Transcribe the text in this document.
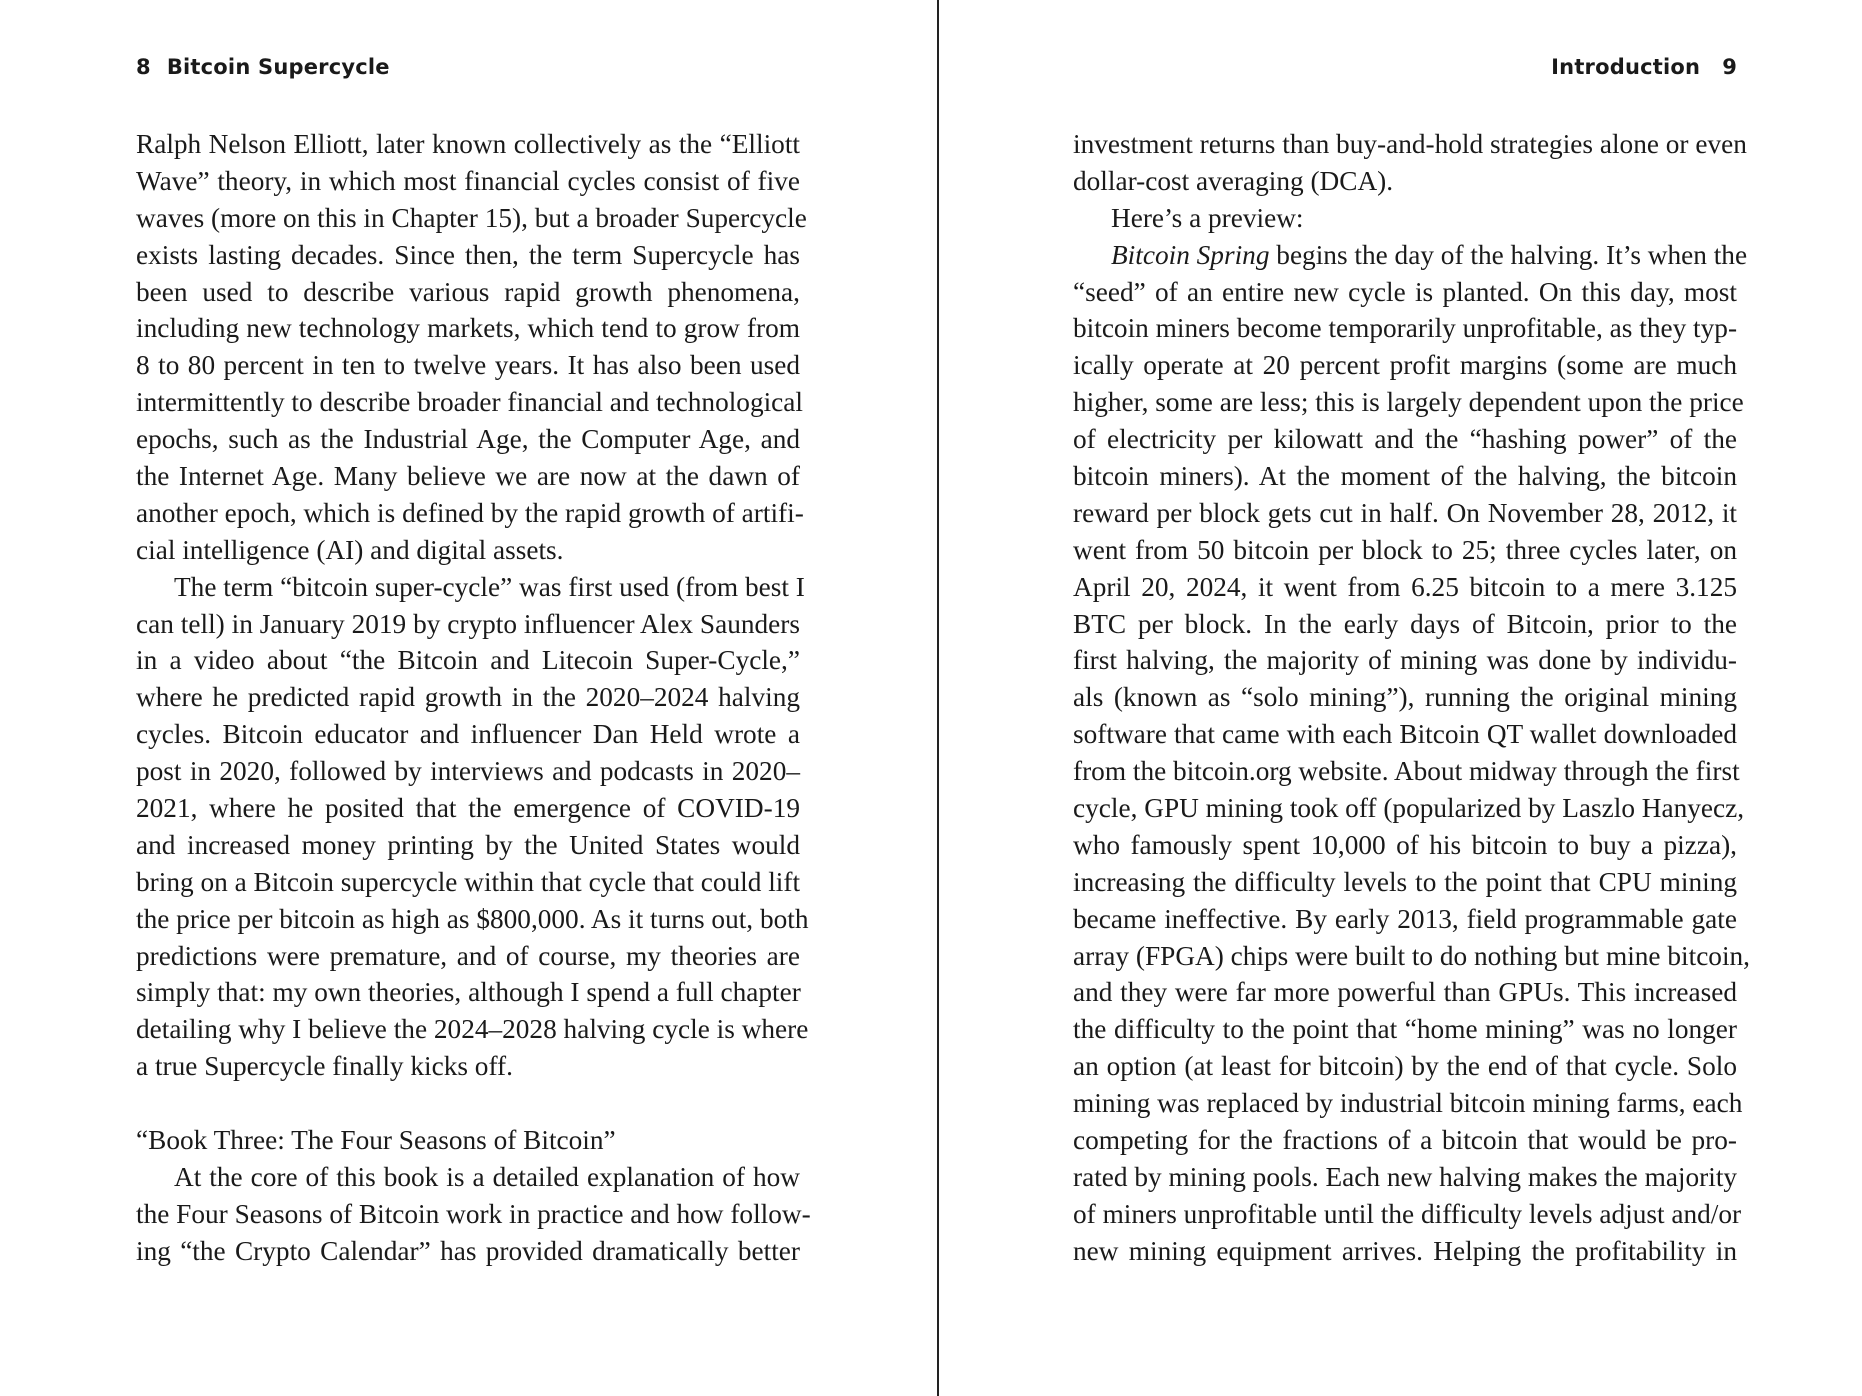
8 Bitcoin Supercycle
Ralph Nelson Elliott, later known collectively as the “Elliott
Wave” theory, in which most financial cycles consist of five
waves (more on this in Chapter 15), but a broader Supercycle
exists lasting decades. Since then, the term Supercycle has
been used to describe various rapid growth phenomena,
including new technology markets, which tend to grow from
8 to 80 percent in ten to twelve years. It has also been used
intermittently to describe broader financial and technological
epochs, such as the Industrial Age, the Computer Age, and
the Internet Age. Many believe we are now at the dawn of
another epoch, which is defined by the rapid growth of artifi-
cial intelligence (AI) and digital assets.
The term “bitcoin super-cycle” was first used (from best I
can tell) in January 2019 by crypto influencer Alex Saunders
in a video about “the Bitcoin and Litecoin Super-Cycle,”
where he predicted rapid growth in the 2020–2024 halving
cycles. Bitcoin educator and influencer Dan Held wrote a
post in 2020, followed by interviews and podcasts in 2020–
2021, where he posited that the emergence of COVID-19
and increased money printing by the United States would
bring on a Bitcoin supercycle within that cycle that could lift
the price per bitcoin as high as $800,000. As it turns out, both
predictions were premature, and of course, my theories are
simply that: my own theories, although I spend a full chapter
detailing why I believe the 2024–2028 halving cycle is where
a true Supercycle finally kicks off.
“Book Three: The Four Seasons of Bitcoin”
At the core of this book is a detailed explanation of how
the Four Seasons of Bitcoin work in practice and how follow-
ing “the Crypto Calendar” has provided dramatically better
Introduction 9
investment returns than buy-and-hold strategies alone or even
dollar-cost averaging (DCA).
Here’s a preview:
Bitcoin Spring begins the day of the halving. It’s when the
“seed” of an entire new cycle is planted. On this day, most
bitcoin miners become temporarily unprofitable, as they typ-
ically operate at 20 percent profit margins (some are much
higher, some are less; this is largely dependent upon the price
of electricity per kilowatt and the “hashing power” of the
bitcoin miners). At the moment of the halving, the bitcoin
reward per block gets cut in half. On November 28, 2012, it
went from 50 bitcoin per block to 25; three cycles later, on
April 20, 2024, it went from 6.25 bitcoin to a mere 3.125
BTC per block. In the early days of Bitcoin, prior to the
first halving, the majority of mining was done by individu-
als (known as “solo mining”), running the original mining
software that came with each Bitcoin QT wallet downloaded
from the bitcoin.org website. About midway through the first
cycle, GPU mining took off (popularized by Laszlo Hanyecz,
who famously spent 10,000 of his bitcoin to buy a pizza),
increasing the difficulty levels to the point that CPU mining
became ineffective. By early 2013, field programmable gate
array (FPGA) chips were built to do nothing but mine bitcoin,
and they were far more powerful than GPUs. This increased
the difficulty to the point that “home mining” was no longer
an option (at least for bitcoin) by the end of that cycle. Solo
mining was replaced by industrial bitcoin mining farms, each
competing for the fractions of a bitcoin that would be pro-
rated by mining pools. Each new halving makes the majority
of miners unprofitable until the difficulty levels adjust and/or
new mining equipment arrives. Helping the profitability in
